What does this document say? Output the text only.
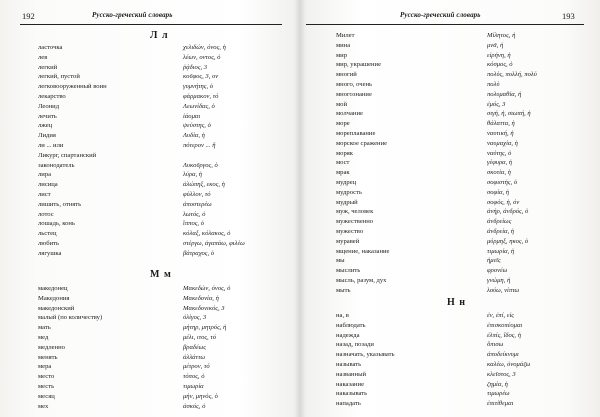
192	Русско-греческий словарь
Л л
ласточка	χελιδών, όνος, ἡ
лев	λέων, οντος, ὁ
легкий	ῥᾴδιος, 3
легкий, пустой	κοῦφος, 3, ον
легковооруженный воин	γυμνήτης, ὁ
лекарство	φάρμακον, τό
Леонид	Λεωνίδας, ὁ
лечить	ἰάομαι
лжец	ψεύστης, ὁ
Лидия	Λυδία, ἡ
ли ... или	πότερον ... ἤ
Ликург, спартанский
законодатель	Λυκοῦργος, ὁ
лира	λύρα, ἡ
лисица	ἀλώπηξ, εκος, ἡ
лист	φύλλον, τό
лишить, отнять	ἀποστερέω
лотос	λωτός, ὁ
лошадь, конь	ἵππος, ὁ
льстец	κόλαξ, κόλακος, ὁ
любить	στέργω, ἀγαπάω, φιλέω
лягушка	βάτραχος, ὁ
М м
македонец	Μακεδών, όνος, ὁ
Македония	Μακεδονία, ἡ
македонский	Μακεδονικός, 3
малый (по количеству)	ὀλίγος, 3
мать	μήτηρ, μητρός, ἡ
мед	μέλι, ιτος, τό
медленно	βραδέως
менять	ἀλλάττω
мера	μέτρον, τό
место	τόπος, ὁ
месть	τιμωρία
месяц	μήν, μηνός, ὁ
мех	ἀσκός, ὁ
Русско-греческий словарь	193
Милет	Μίλητος, ἡ
мина	μνᾶ, ἡ
мир	εἰρήνη, ἡ
мир, украшение	κόσμος, ὁ
многий	πολύς, πολλή, πολύ
много, очень	πολύ
многознание	πολυμαθία, ἡ
мой	ἐμός, 3
молчание	σιγή, ἡ, σιωπή, ἡ
море	θάλαττα, ἡ
мореплавание	ναυτική, ἡ
морское сражение	ναυμαχία, ἡ
моряк	ναύτης, ὁ
мост	γέφυρα, ἡ
мрак	σκοτία, ἡ
мудрец	σοφιστής, ὁ
мудрость	σοφία, ἡ
мудрый	σοφός, ἡ, όν
муж, человек	ἀνήρ, ἀνδρός, ὁ
мужественно	ἀνδρείως
мужество	ἀνδρεία, ἡ
муравей	μύρμηξ, ηκος, ὁ
мщение, наказание	τιμωρία, ἡ
мы	ἡμεῖς
мыслить	φρονέω
мысль, разум, дух	γνώμη, ἡ
мыть	λούω, νίπτω
Н н
на, в	ἐν, ἐπί, εἰς
наблюдать	ἐπισκοπέομαι
надежда	ἐλπίς, ἴδος, ἡ
назад, позади	ὄπισω
назначать, указывать	ἀποδείκνυμι
называть	καλέω, ὀνομάζω
названный	κλεῖστος, 3
наказание	ζημία, ἡ
наказывать	τιμωρέω
нападать	ἐπιτίθεμαι
